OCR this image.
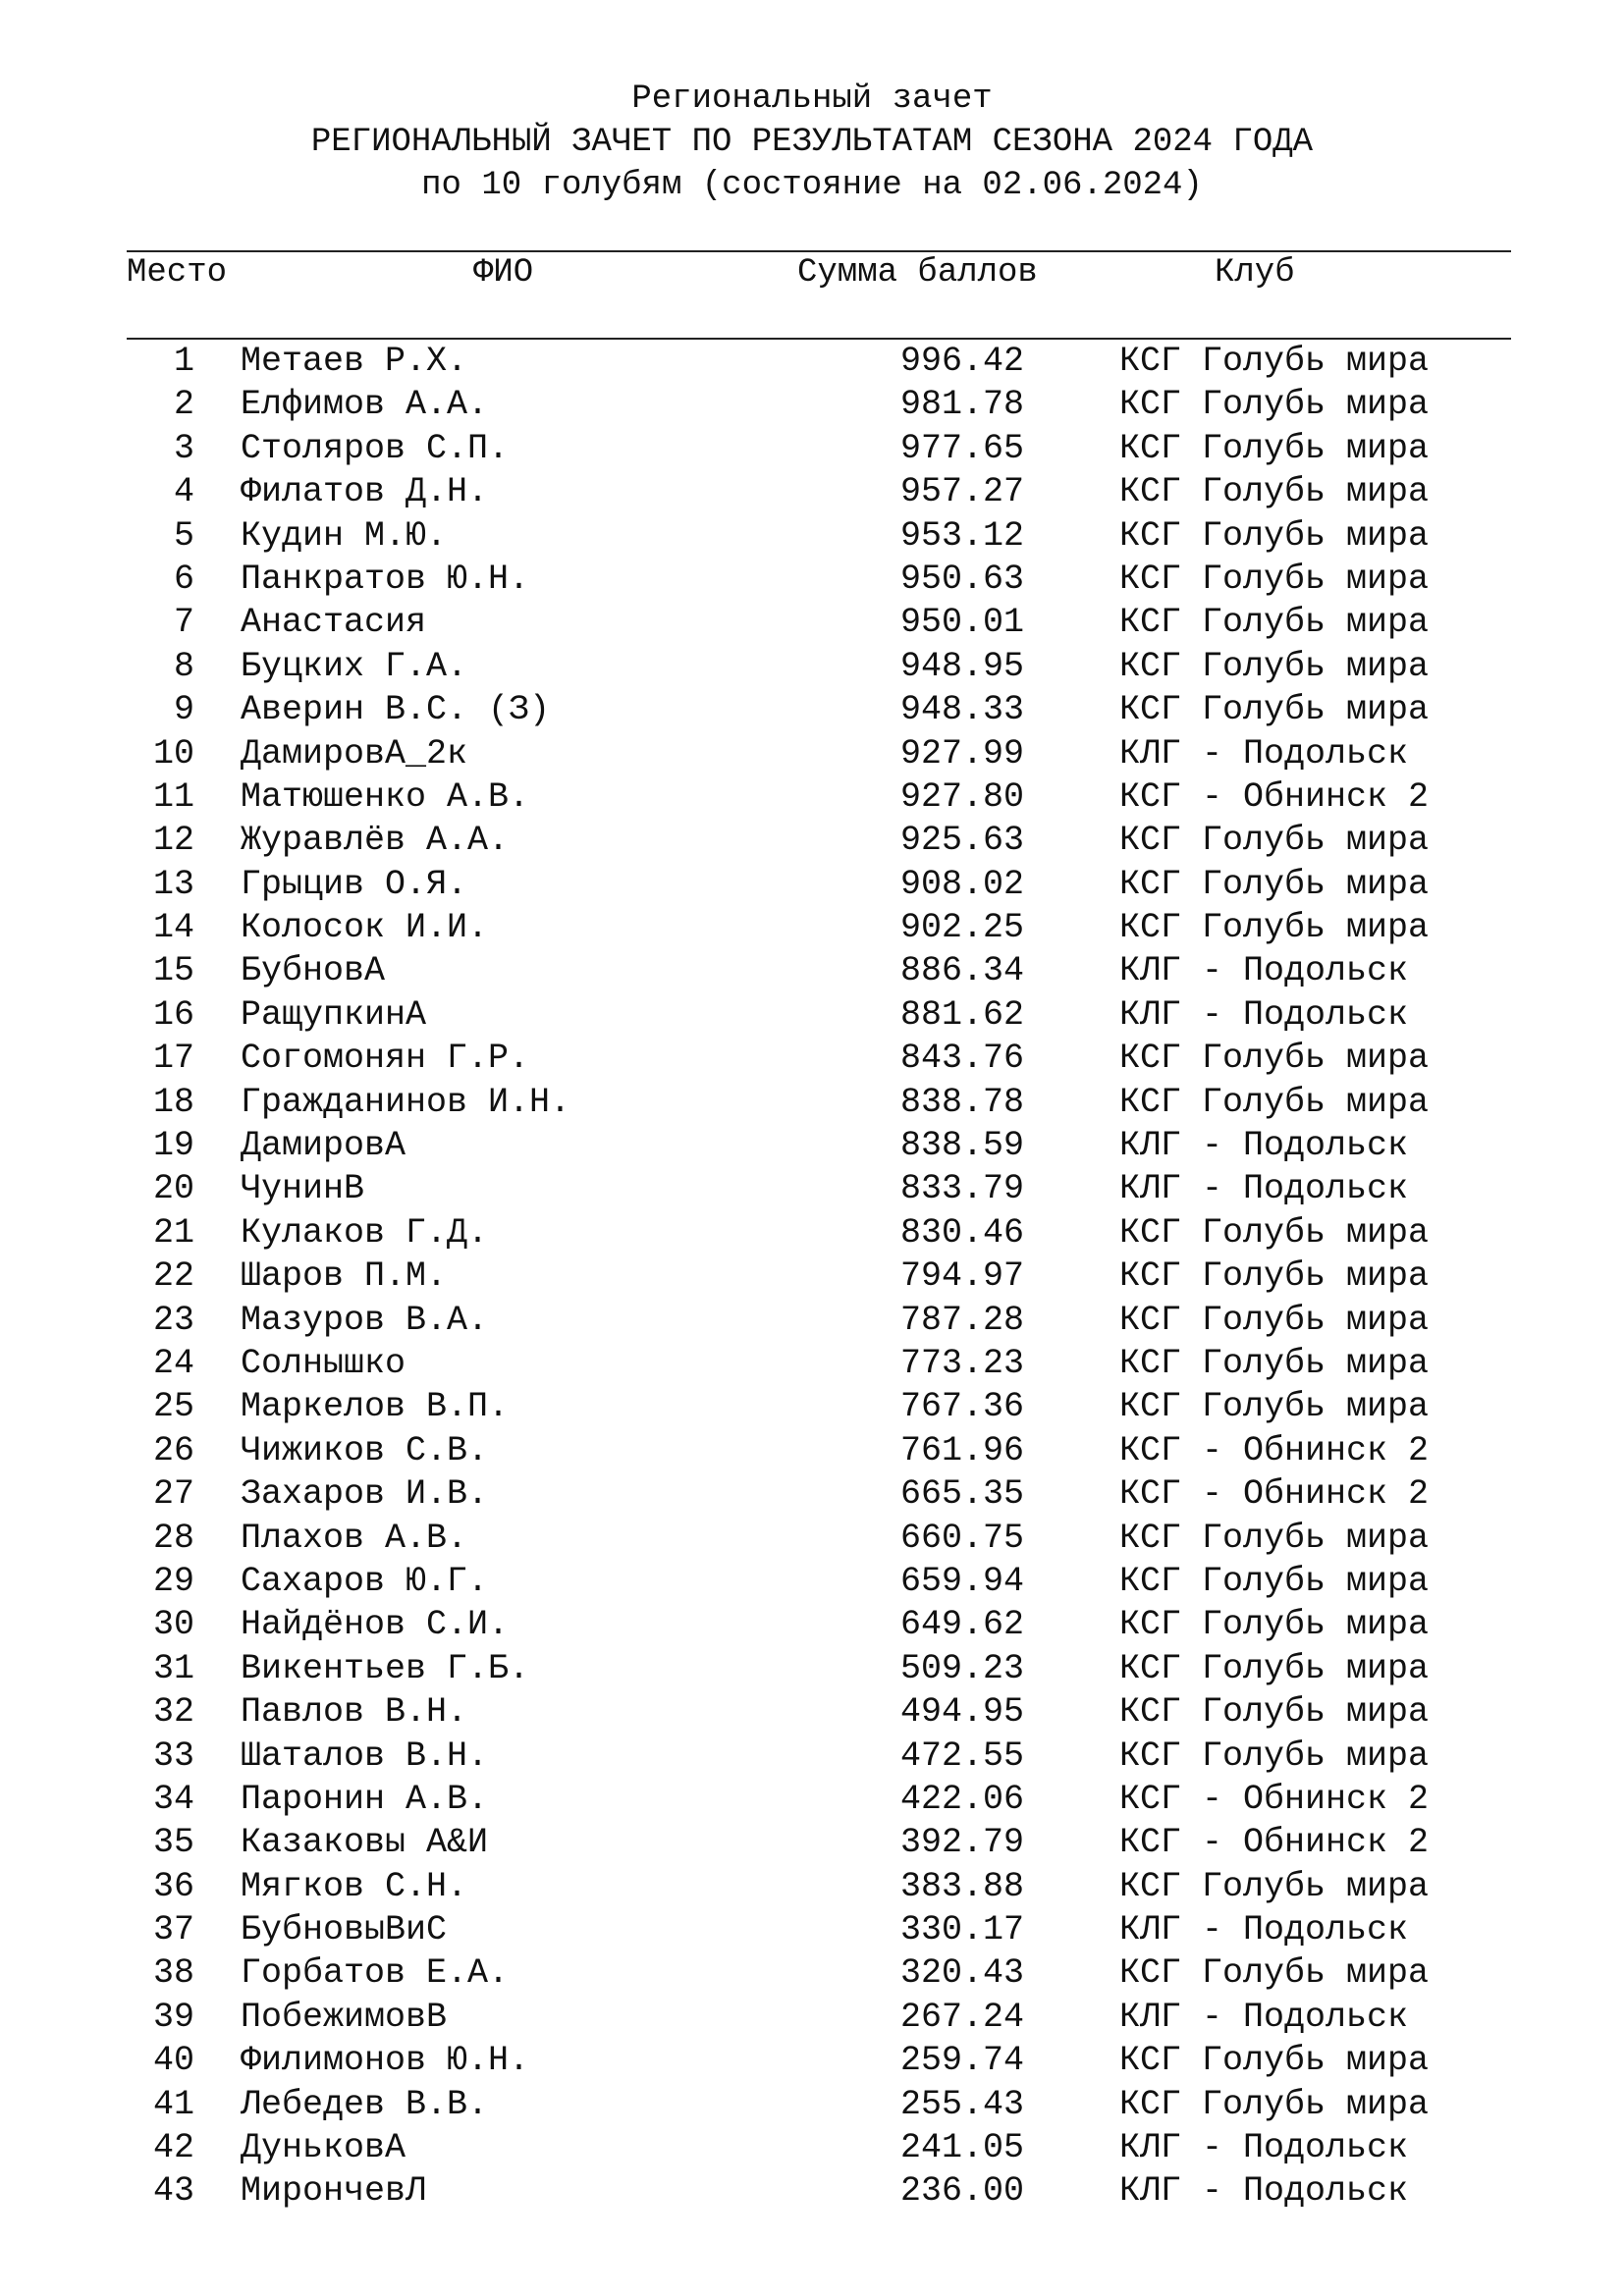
Региональный зачет
РЕГИОНАЛЬНЫЙ ЗАЧЕТ ПО РЕЗУЛЬТАТАМ СЕЗОНА 2024 ГОДА
по 10 голубям (состояние на 02.06.2024)
Место	ФИО	Сумма баллов	Клуб
1 Метаев Р.Х.	996.42	КСГ Голубь мира
2 Елфимов А.А.	981.78	КСГ Голубь мира
3 Столяров С.П.	977.65	КСГ Голубь мира
4 Филатов Д.Н.	957.27	КСГ Голубь мира
5 Кудин М.Ю.	953.12	КСГ Голубь мира
6 Панкратов Ю.Н.	950.63	КСГ Голубь мира
7 Анастасия	950.01	КСГ Голубь мира
8 Буцких Г.А.	948.95	КСГ Голубь мира
9 Аверин В.С. (З)	948.33	КСГ Голубь мира
10 ДамировА_2к	927.99	КЛГ - Подольск
11 Матюшенко А.В.	927.80	КСГ - Обнинск 2
12 Журавлёв А.А.	925.63	КСГ Голубь мира
13 Грыцив О.Я.	908.02	КСГ Голубь мира
14 Колосок И.И.	902.25	КСГ Голубь мира
15 БубновА	886.34	КЛГ - Подольск
16 РащупкинА	881.62	КЛГ - Подольск
17 Согомонян Г.Р.	843.76	КСГ Голубь мира
18 Гражданинов И.Н.	838.78	КСГ Голубь мира
19 ДамировА	838.59	КЛГ - Подольск
20 ЧунинВ	833.79	КЛГ - Подольск
21 Кулаков Г.Д.	830.46	КСГ Голубь мира
22 Шаров П.М.	794.97	КСГ Голубь мира
23 Мазуров В.А.	787.28	КСГ Голубь мира
24 Солнышко	773.23	КСГ Голубь мира
25 Маркелов В.П.	767.36	КСГ Голубь мира
26 Чижиков С.В.	761.96	КСГ - Обнинск 2
27 Захаров И.В.	665.35	КСГ - Обнинск 2
28 Плахов А.В.	660.75	КСГ Голубь мира
29 Сахаров Ю.Г.	659.94	КСГ Голубь мира
30 Найдёнов С.И.	649.62	КСГ Голубь мира
31 Викентьев Г.Б.	509.23	КСГ Голубь мира
32 Павлов В.Н.	494.95	КСГ Голубь мира
33 Шаталов В.Н.	472.55	КСГ Голубь мира
34 Паронин А.В.	422.06	КСГ - Обнинск 2
35 Казаковы А&И	392.79	КСГ - Обнинск 2
36 Мягков С.Н.	383.88	КСГ Голубь мира
37 БубновыВиС	330.17	КЛГ - Подольск
38 Горбатов Е.А.	320.43	КСГ Голубь мира
39 ПобежимовВ	267.24	КЛГ - Подольск
40 Филимонов Ю.Н.	259.74	КСГ Голубь мира
41 Лебедев В.В.	255.43	КСГ Голубь мира
42 ДуньковА	241.05	КЛГ - Подольск
43 МирончевЛ	236.00	КЛГ - Подольск
